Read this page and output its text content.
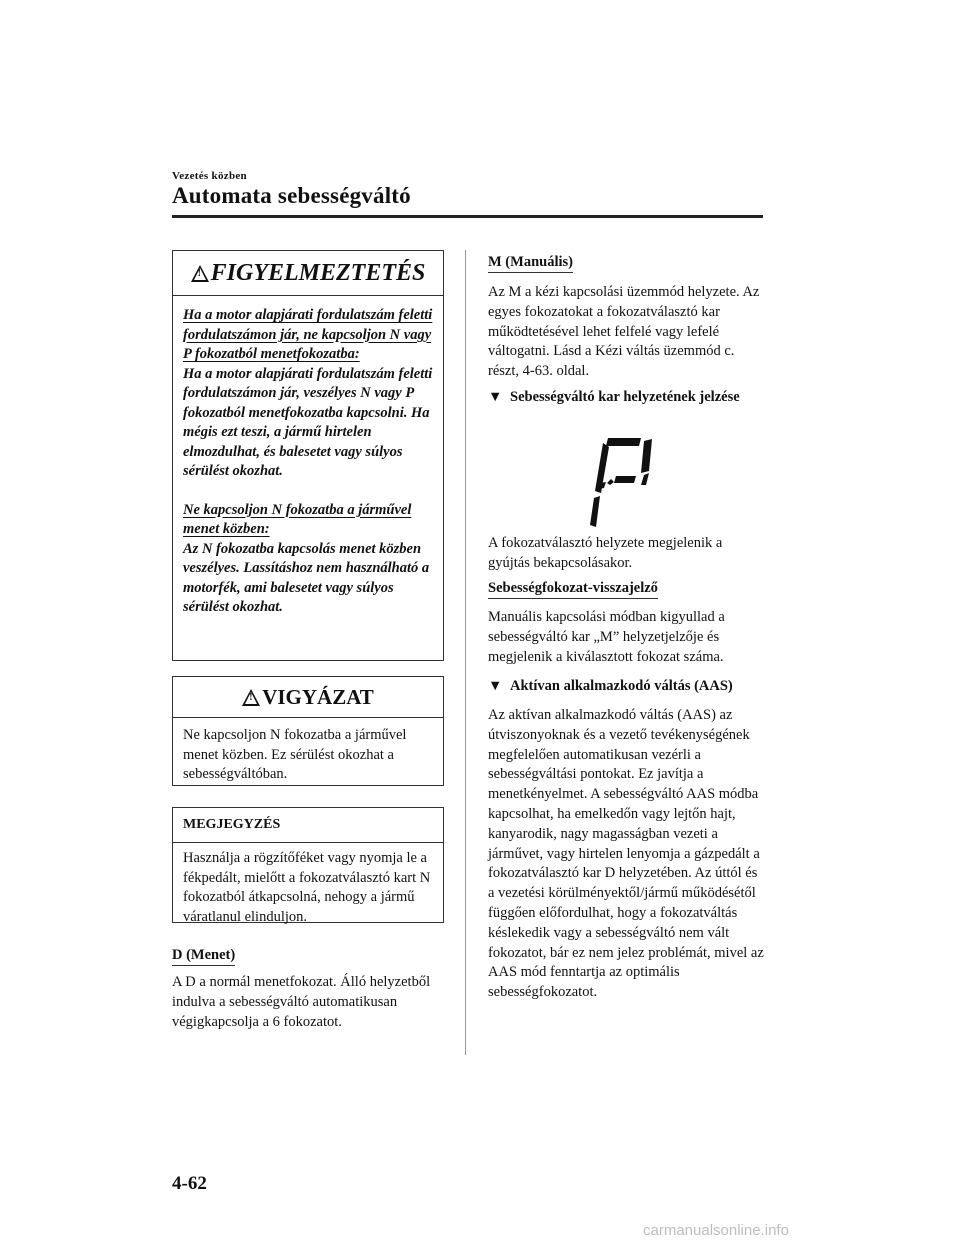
Vezetés közben
Automata sebességváltó
! FIGYELMEZTETÉS
Ha a motor alapjárati fordulatszám feletti fordulatszámon jár, ne kapcsoljon N vagy P fokozatból menetfokozatba:
Ha a motor alapjárati fordulatszám feletti fordulatszámon jár, veszélyes N vagy P fokozatból menetfokozatba kapcsolni. Ha mégis ezt teszi, a jármű hirtelen elmozdulhat, és balesetet vagy súlyos sérülést okozhat.
Ne kapcsoljon N fokozatba a járművel menet közben:
Az N fokozatba kapcsolás menet közben veszélyes. Lassításhoz nem használható a motorfék, ami balesetet vagy súlyos sérülést okozhat.
! VIGYÁZAT
Ne kapcsoljon N fokozatba a járművel menet közben. Ez sérülést okozhat a sebességváltóban.
MEGJEGYZÉS
Használja a rögzítőféket vagy nyomja le a fékpedált, mielőtt a fokozatválasztó kart N fokozatból átkapcsolná, nehogy a jármű váratlanul elinduljon.
D (Menet)
A D a normál menetfokozat. Álló helyzetből indulva a sebességváltó automatikusan végigkapcsolja a 6 fokozatot.
M (Manuális)
Az M a kézi kapcsolási üzemmód helyzete. Az egyes fokozatokat a fokozatválasztó kar működtetésével lehet felfelé vagy lefelé váltogatni. Lásd a Kézi váltás üzemmód c. részt, 4-63. oldal.
▼ Sebességváltó kar helyzetének jelzése
P
A fokozatválasztó helyzete megjelenik a gyújtás bekapcsolásakor.
Sebességfokozat-visszajelző
Manuális kapcsolási módban kigyullad a sebességváltó kar „M” helyzetjelzője és megjelenik a kiválasztott fokozat száma.
▼ Aktívan alkalmazkodó váltás (AAS)
Az aktívan alkalmazkodó váltás (AAS) az útviszonyoknak és a vezető tevékenységének megfelelően automatikusan vezérli a sebességváltási pontokat. Ez javítja a menetkényelmet. A sebességváltó AAS módba kapcsolhat, ha emelkedőn vagy lejtőn hajt, kanyarodik, nagy magasságban vezeti a járművet, vagy hirtelen lenyomja a gázpedált a fokozatválasztó kar D helyzetében. Az úttól és a vezetési körülményektől/jármű működésétől függően előfordulhat, hogy a fokozatváltás késlekedik vagy a sebességváltó nem vált fokozatot, bár ez nem jelez problémát, mivel az AAS mód fenntartja az optimális sebességfokozatot.
4-62
carmanualsonline.info
